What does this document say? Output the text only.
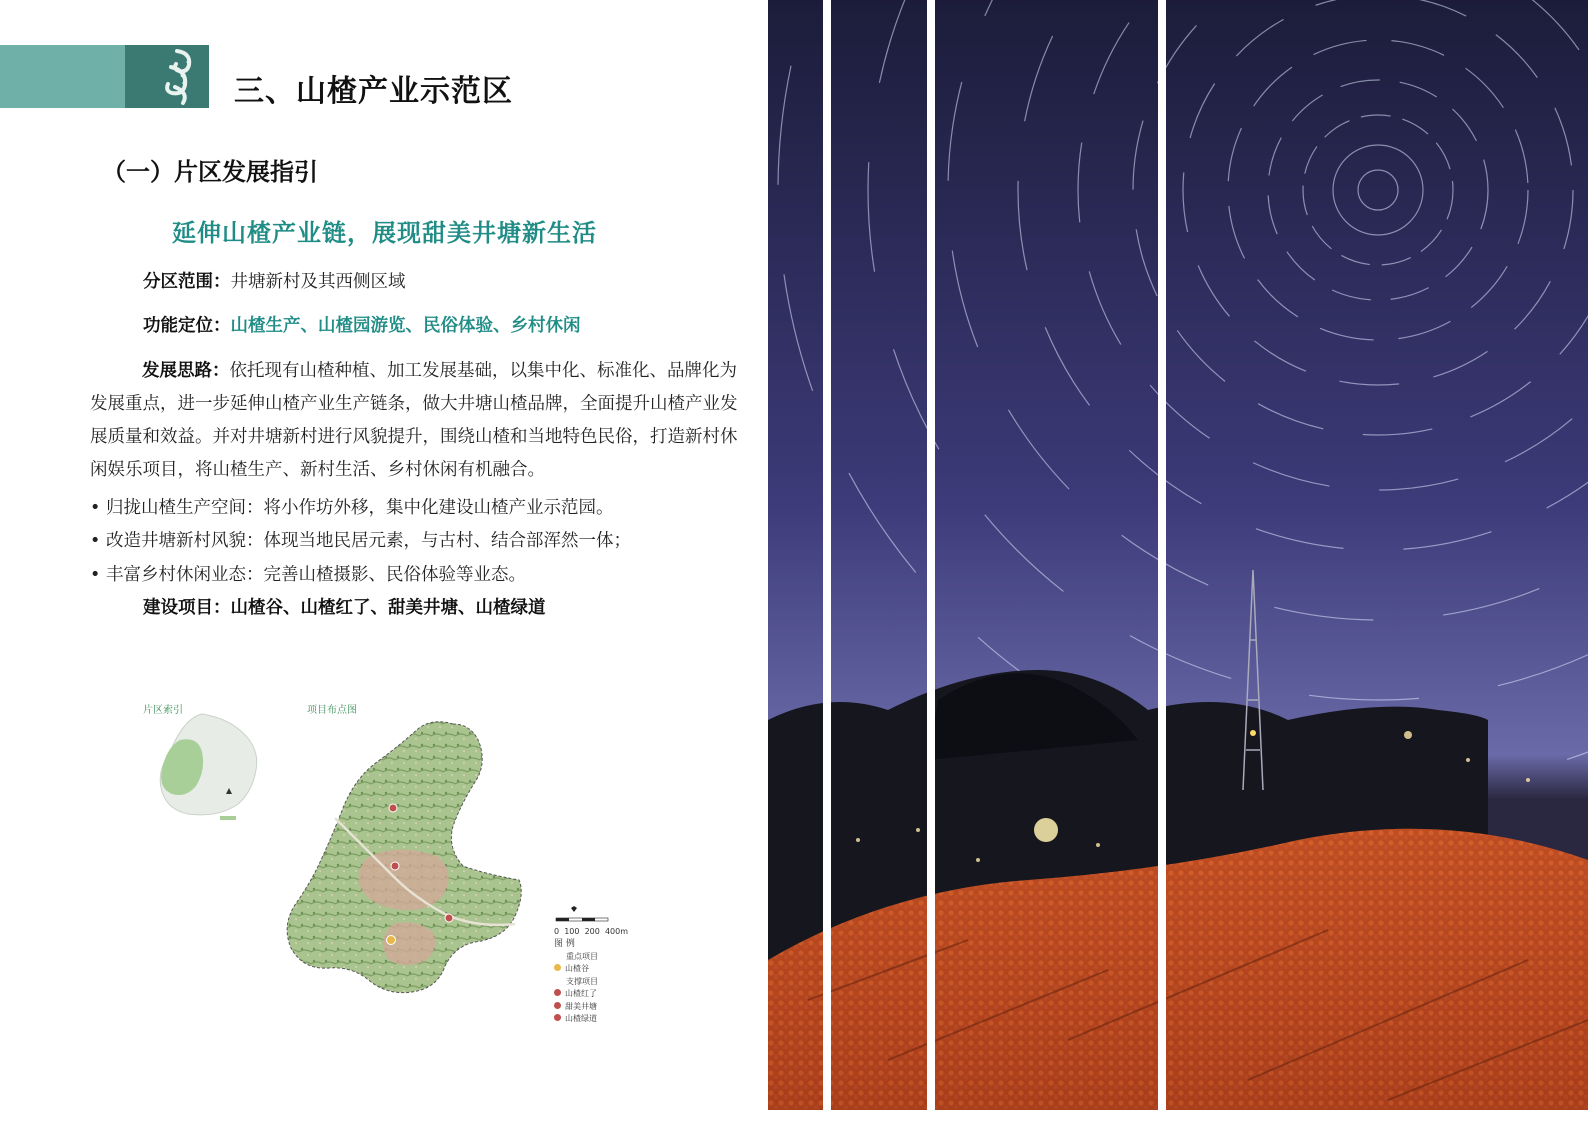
三、山楂产业示范区
（一）片区发展指引
延伸山楂产业链，展现甜美井塘新生活
分区范围：井塘新村及其西侧区域
功能定位：山楂生产、山楂园游览、民俗体验、乡村休闲
发展思路：依托现有山楂种植、加工发展基础，以集中化、标准化、品牌化为发展重点，进一步延伸山楂产业生产链条，做大井塘山楂品牌，全面提升山楂产业发展质量和效益。并对井塘新村进行风貌提升，围绕山楂和当地特色民俗，打造新村休闲娱乐项目，将山楂生产、新村生活、乡村休闲有机融合。
• 归拢山楂生产空间：将小作坊外移，集中化建设山楂产业示范园。
• 改造井塘新村风貌：体现当地民居元素，与古村、结合部浑然一体；
• 丰富乡村休闲业态：完善山楂摄影、民俗体验等业态。
建设项目：山楂谷、山楂红了、甜美井塘、山楂绿道
片区索引	项目布点图
0 100 200 400m
图 例
重点项目
山楂谷
支撑项目
山楂红了
甜美井塘
山楂绿道
